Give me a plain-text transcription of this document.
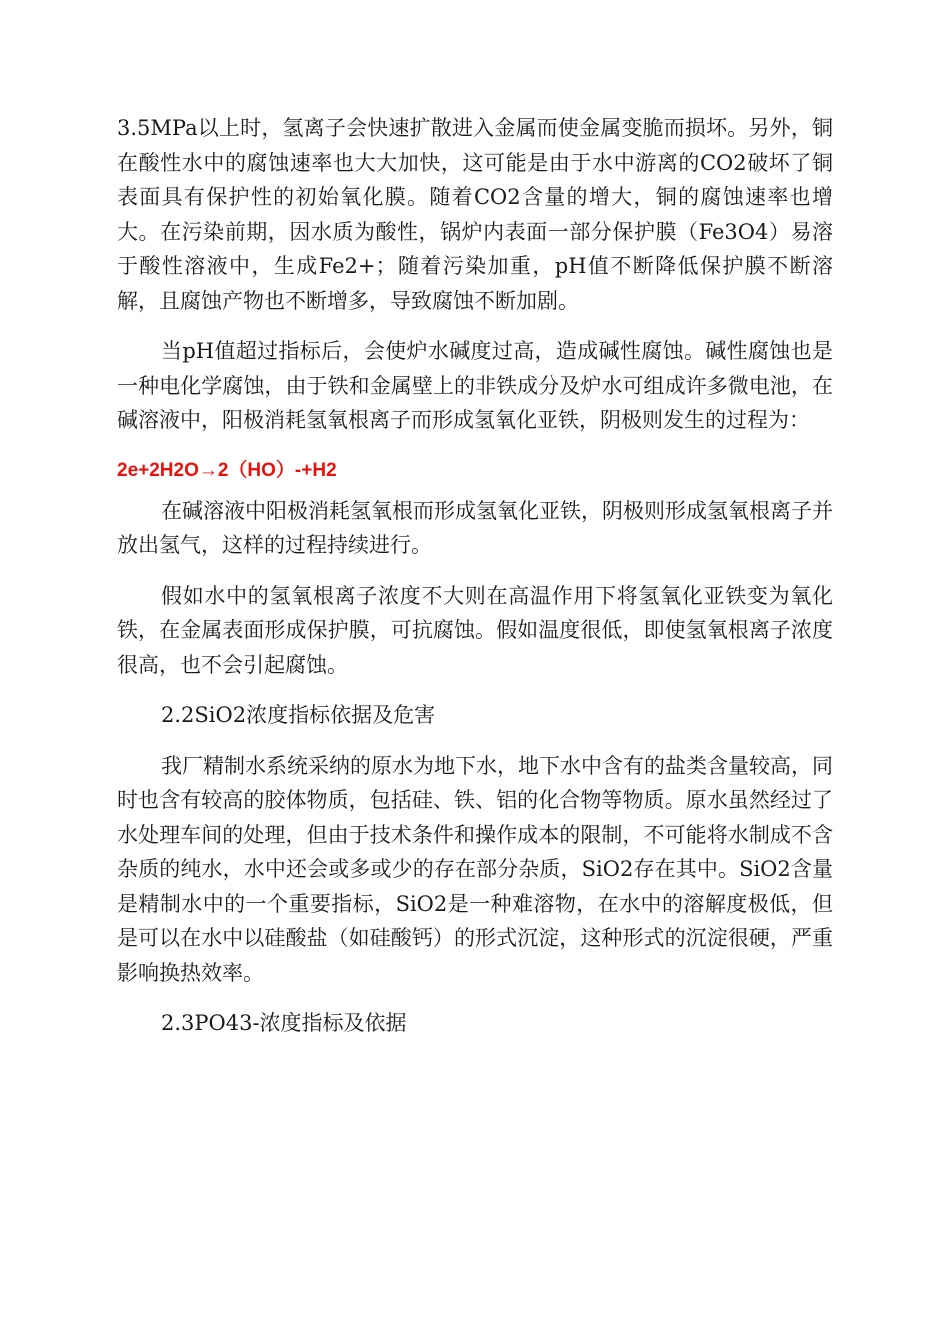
3.5MPa以上时，氢离子会快速扩散进入金属而使金属变脆而损坏。另外，铜在酸性水中的腐蚀速率也大大加快，这可能是由于水中游离的CO2破坏了铜表面具有保护性的初始氧化膜。随着CO2含量的增大，铜的腐蚀速率也增大。在污染前期，因水质为酸性，锅炉内表面一部分保护膜（Fe3O4）易溶于酸性溶液中，生成Fe2+；随着污染加重，pH值不断降低保护膜不断溶解，且腐蚀产物也不断增多，导致腐蚀不断加剧。

当pH值超过指标后，会使炉水碱度过高，造成碱性腐蚀。碱性腐蚀也是一种电化学腐蚀，由于铁和金属壁上的非铁成分及炉水可组成许多微电池，在碱溶液中，阳极消耗氢氧根离子而形成氢氧化亚铁，阴极则发生的过程为：

2e+2H2O→2（HO）-+H2

在碱溶液中阳极消耗氢氧根而形成氢氧化亚铁，阴极则形成氢氧根离子并放出氢气，这样的过程持续进行。

假如水中的氢氧根离子浓度不大则在高温作用下将氢氧化亚铁变为氧化铁，在金属表面形成保护膜，可抗腐蚀。假如温度很低，即使氢氧根离子浓度很高，也不会引起腐蚀。

2.2SiO2浓度指标依据及危害

我厂精制水系统采纳的原水为地下水，地下水中含有的盐类含量较高，同时也含有较高的胶体物质，包括硅、铁、铝的化合物等物质。原水虽然经过了水处理车间的处理，但由于技术条件和操作成本的限制，不可能将水制成不含杂质的纯水，水中还会或多或少的存在部分杂质，SiO2存在其中。SiO2含量是精制水中的一个重要指标，SiO2是一种难溶物，在水中的溶解度极低，但是可以在水中以硅酸盐（如硅酸钙）的形式沉淀，这种形式的沉淀很硬，严重影响换热效率。

2.3PO43-浓度指标及依据
